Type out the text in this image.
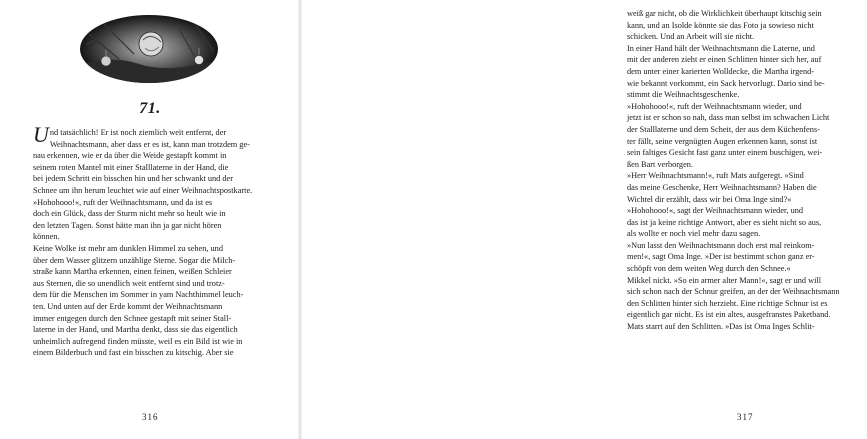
71.
U nd tatsächlich! Er ist noch ziemlich weit entfernt, der
Weihnachtsmann, aber dass er es ist, kann man trotzdem ge-
nau erkennen, wie er da über die Weide gestapft kommt in
seinem roten Mantel mit einer Stalllaterne in der Hand, die
bei jedem Schritt ein bisschen hin und her schwankt und der
Schnee um ihn herum leuchtet wie auf einer Weihnachtspostkarte.
»Hohohooo!«, ruft der Weihnachtsmann, und da ist es
doch ein Glück, dass der Sturm nicht mehr so heult wie in
den letzten Tagen. Sonst hätte man ihn ja gar nicht hören
können.
Keine Wolke ist mehr am dunklen Himmel zu sehen, und
über dem Wasser glitzern unzählige Sterne. Sogar die Milch-
straße kann Martha erkennen, einen feinen, weißen Schleier
aus Sternen, die so unendlich weit entfernt sind und trotz-
dem für die Menschen im Sommer in yam Nachthimmel leuch-
ten. Und unten auf der Erde kommt der Weihnachtsmann
immer entgegen durch den Schnee gestapft mit seiner Stall-
laterne in der Hand, und Martha denkt, dass sie das eigentlich
unheimlich aufregend finden müsste, weil es ein Bild ist wie in
einem Bilderbuch und fast ein bisschen zu kitschig. Aber sie
316
weiß gar nicht, ob die Wirklichkeit überhaupt kitschig sein
kann, und an Isolde könnte sie das Foto ja sowieso nicht
schicken. Und an Arbeit will sie nicht.
In einer Hand hält der Weihnachtsmann die Laterne, und
mit der anderen zieht er einen Schlitten hinter sich her, auf
dem unter einer karierten Wolldecke, die Martha irgend-
wie bekannt vorkommt, ein Sack hervorlugt. Dario sind be-
stimmt die Weihnachtsgeschenke.
»Hohohooo!«, ruft der Weihnachtsmann wieder, und
jetzt ist er schon so nah, dass man selbst im schwachen Licht
der Stalllaterne und dem Scheit, der aus dem Küchenfens-
ter fällt, seine vergnügten Augen erkennen kann, sonst ist
sein faltiges Gesicht fast ganz unter einem buschigen, wei-
ßen Bart verborgen.
»Herr Weihnachtsmann!«, ruft Mats aufgeregt. »Sind
das meine Geschenke, Herr Weihnachtsmann? Haben die
Wichtel dir erzählt, dass wir bei Oma Inge sind?«
»Hohohooo!«, sagt der Weihnachtsmann wieder, und
das ist ja keine richtige Antwort, aber es sieht nicht so aus,
als wollte er noch viel mehr dazu sagen.
»Nun lasst den Weihnachtsmann doch erst mal reinkom-
men!«, sagt Oma Inge. »Der ist bestimmt schon ganz er-
schöpft von dem weiten Weg durch den Schnee.«
Mikkel nickt. »So ein armer alter Mann!«, sagt er und will
sich schon nach der Schnur greifen, an der der Weihnachtsmann
den Schlitten hinter sich herzieht. Eine richtige Schnur ist es
eigentlich gar nicht. Es ist ein altes, ausgefranstes Paketband.
Mats starrt auf den Schlitten. »Das ist Oma Inges Schlit-
317
